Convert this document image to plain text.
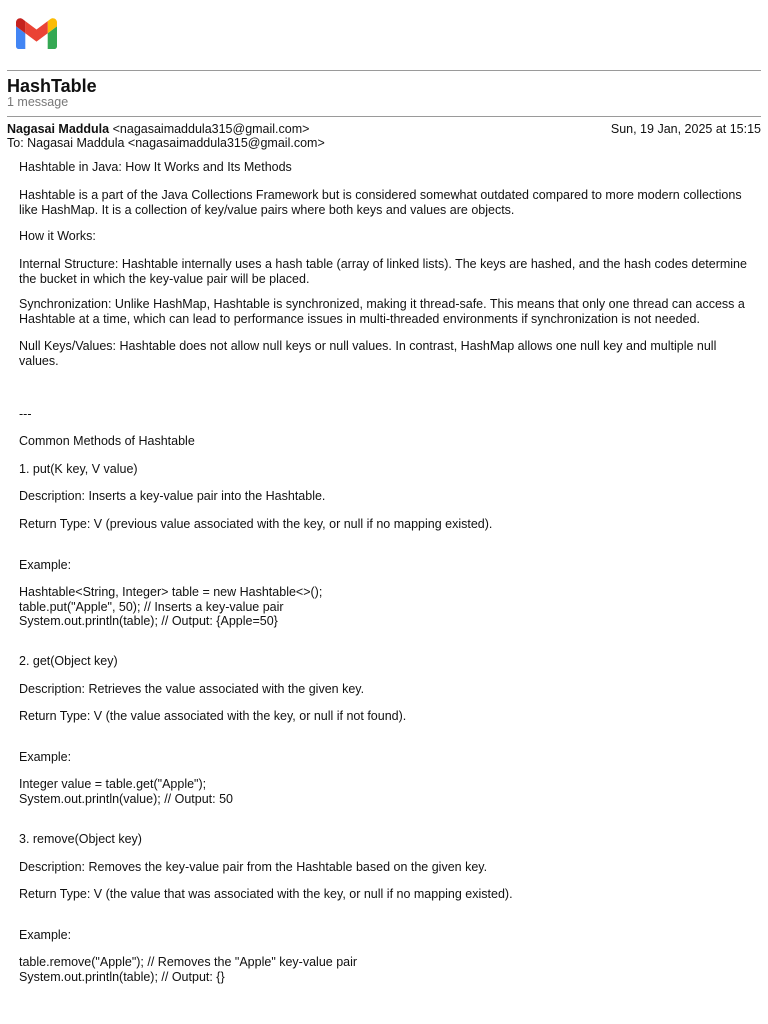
HashTable
1 message
Nagasai Maddula <nagasaimaddula315@gmail.com>	Sun, 19 Jan, 2025 at 15:15
To: Nagasai Maddula <nagasaimaddula315@gmail.com>

Hashtable in Java: How It Works and Its Methods

Hashtable is a part of the Java Collections Framework but is considered somewhat outdated compared to more modern collections like HashMap. It is a collection of key/value pairs where both keys and values are objects.

How it Works:

Internal Structure: Hashtable internally uses a hash table (array of linked lists). The keys are hashed, and the hash codes determine the bucket in which the key-value pair will be placed.

Synchronization: Unlike HashMap, Hashtable is synchronized, making it thread-safe. This means that only one thread can access a Hashtable at a time, which can lead to performance issues in multi-threaded environments if synchronization is not needed.

Null Keys/Values: Hashtable does not allow null keys or null values. In contrast, HashMap allows one null key and multiple null values.

---

Common Methods of Hashtable

1. put(K key, V value)

Description: Inserts a key-value pair into the Hashtable.

Return Type: V (previous value associated with the key, or null if no mapping existed).

Example:

Hashtable<String, Integer> table = new Hashtable<>();
table.put("Apple", 50); // Inserts a key-value pair
System.out.println(table); // Output: {Apple=50}

2. get(Object key)

Description: Retrieves the value associated with the given key.

Return Type: V (the value associated with the key, or null if not found).

Example:

Integer value = table.get("Apple");
System.out.println(value); // Output: 50

3. remove(Object key)

Description: Removes the key-value pair from the Hashtable based on the given key.

Return Type: V (the value that was associated with the key, or null if no mapping existed).

Example:

table.remove("Apple"); // Removes the "Apple" key-value pair
System.out.println(table); // Output: {}
